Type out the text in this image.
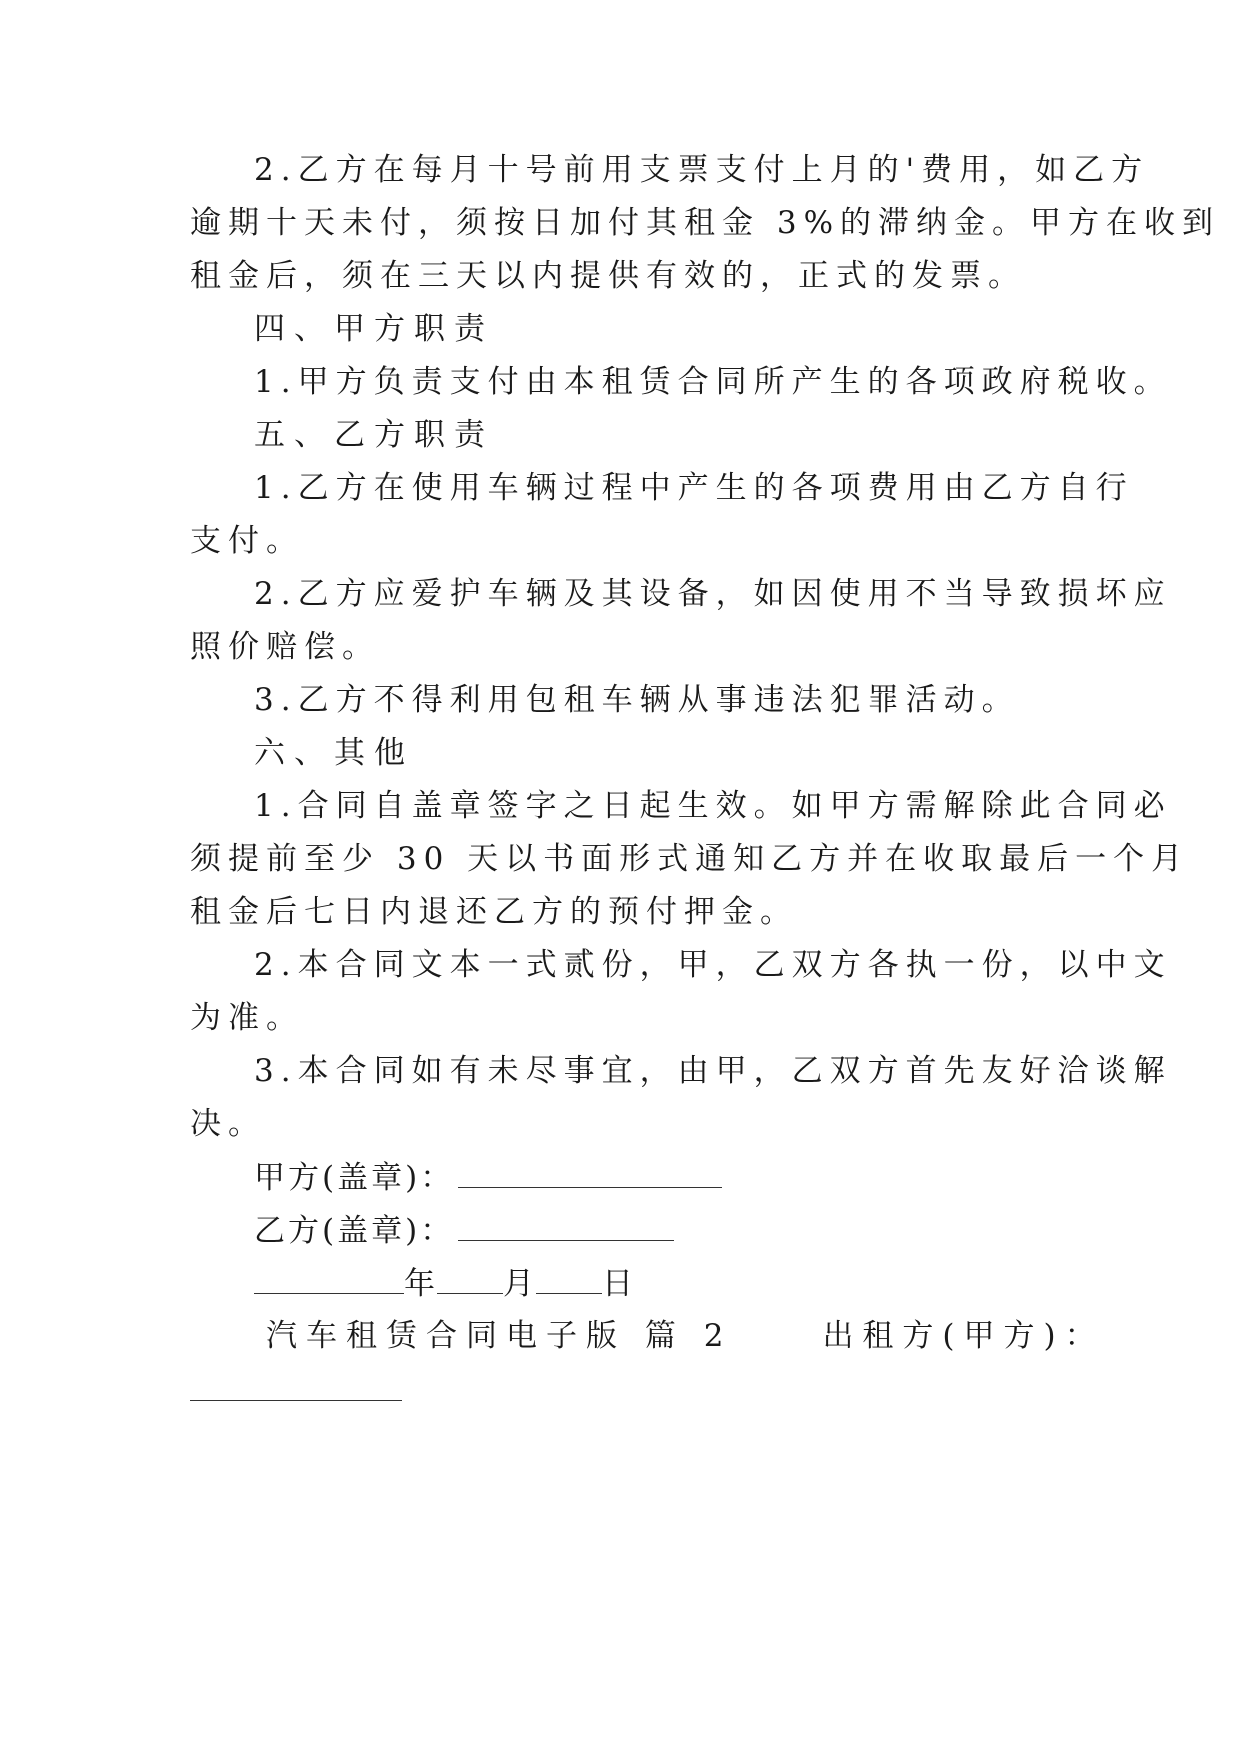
2.乙方在每月十号前用支票支付上月的'费用，如乙方
逾期十天未付，须按日加付其租金 3%的滞纳金。甲方在收到
租金后，须在三天以内提供有效的，正式的发票。
四、甲方职责
1.甲方负责支付由本租赁合同所产生的各项政府税收。
五、乙方职责
1.乙方在使用车辆过程中产生的各项费用由乙方自行
支付。
2.乙方应爱护车辆及其设备，如因使用不当导致损坏应
照价赔偿。
3.乙方不得利用包租车辆从事违法犯罪活动。
六、其他
1.合同自盖章签字之日起生效。如甲方需解除此合同必
须提前至少 30 天以书面形式通知乙方并在收取最后一个月
租金后七日内退还乙方的预付押金。
2.本合同文本一式贰份，甲，乙双方各执一份，以中文
为准。
3.本合同如有未尽事宜，由甲，乙双方首先友好洽谈解
决。
甲方(盖章)：
乙方(盖章)：
年 月 日
汽车租赁合同电子版 篇 2	出租方(甲方)：
